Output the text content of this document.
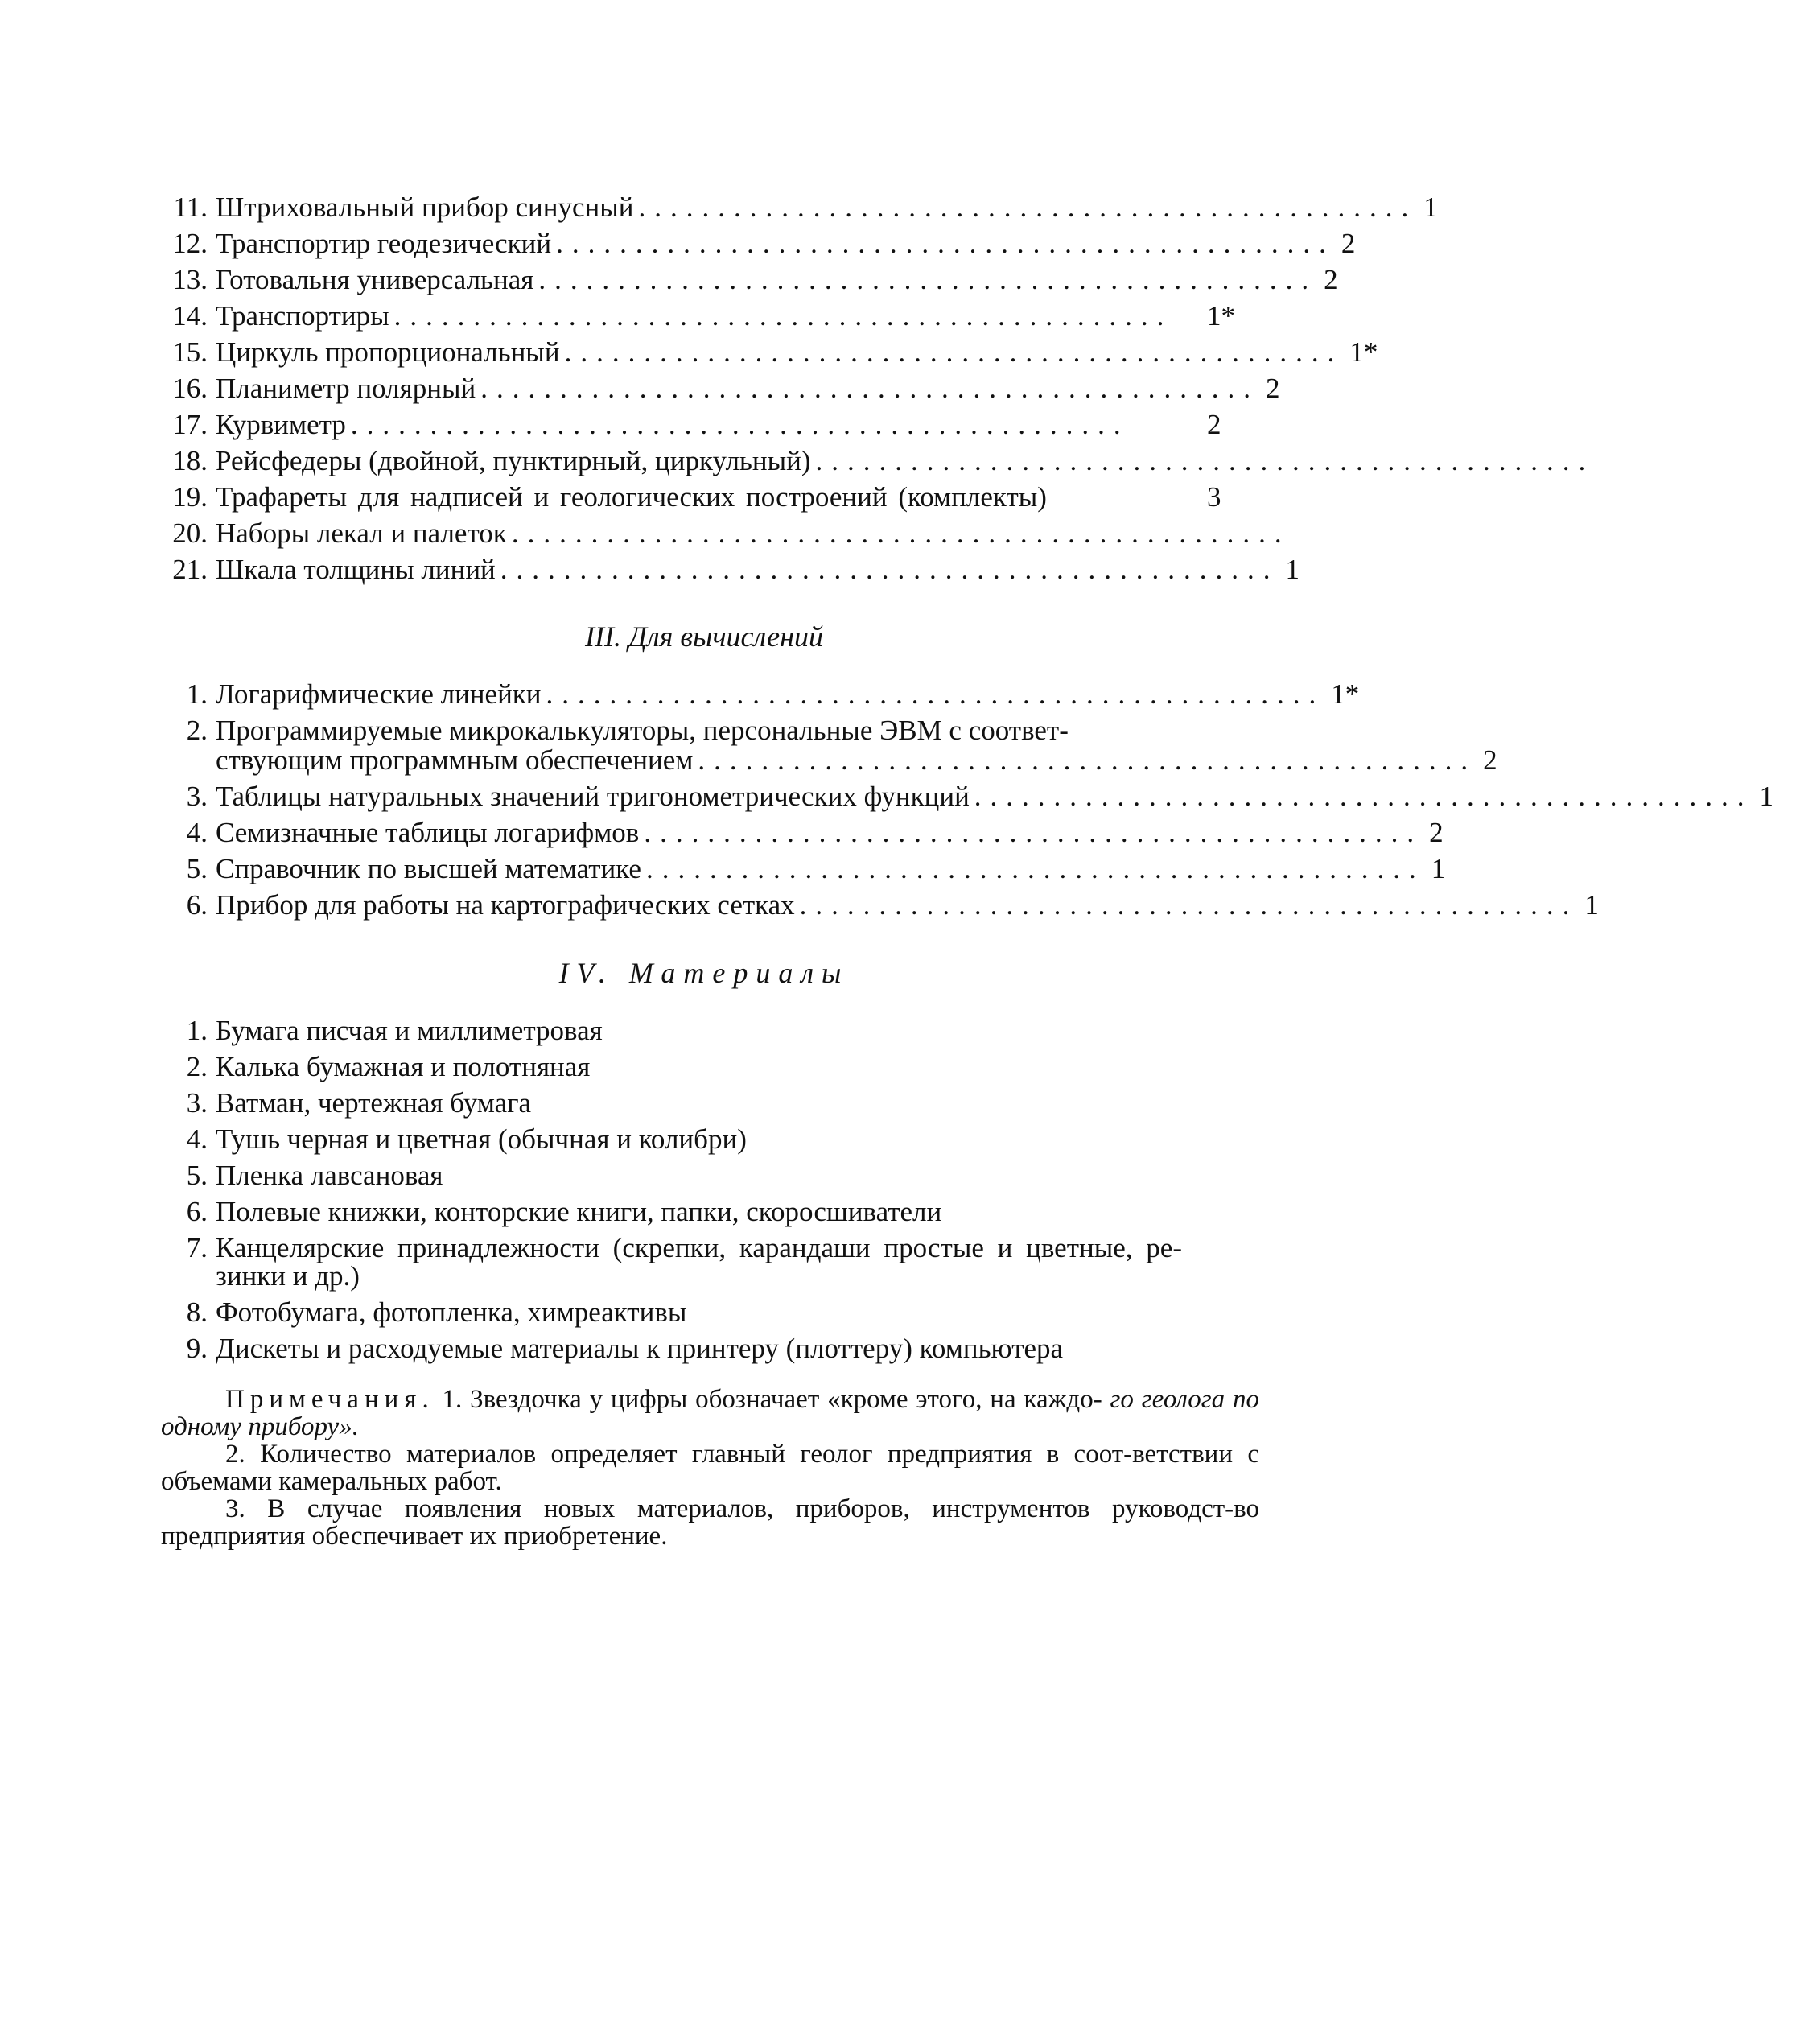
11. Штриховальный прибор синусный ................................................. 1
12. Транспортир геодезический ................................................. 2
13. Готовальня универсальная ................................................. 2
14. Транспортиры .................................................	1*
15. Циркуль пропорциональный ................................................. 1*
16. Планиметр полярный ................................................. 2
17. Курвиметр .................................................	2
18. Рейсфедеры (двойной, пунктирный, циркульный) .................................................
19. Трафареты для надписей и геологических построений (комплекты)	3
20. Наборы лекал и палеток .................................................
21. Шкала толщины линий ................................................. 1
III. Для вычислений
1. Логарифмические линейки ................................................. 1*
2. Программируемые микрокалькуляторы, персональные ЭВМ с соответ-
ствующим программным обеспечением ................................................. 2
3. Таблицы натуральных значений тригонометрических функций ................................................. 1
4. Семизначные таблицы логарифмов ................................................. 2
5. Справочник по высшей математике ................................................. 1
6. Прибор для работы на картографических сетках ................................................. 1
IV. Материалы
1. Бумага писчая и миллиметровая
2. Калька бумажная и полотняная
3. Ватман, чертежная бумага
4. Тушь черная и цветная (обычная и колибри)
5. Пленка лавсановая
6. Полевые книжки, конторские книги, папки, скоросшиватели
7. Канцелярские принадлежности (скрепки, карандаши простые и цветные, ре-
зинки и др.)
8. Фотобумага, фотопленка, химреактивы
9. Дискеты и расходуемые материалы к принтеру (плоттеру) компьютера

Примечания. 1. Звездочка у цифры обозначает «кроме этого, на каждо- го геолога по одному прибору».

2. Количество материалов определяет главный геолог предприятия в соот-ветствии с объемами камеральных работ.

3. В случае появления новых материалов, приборов, инструментов руководст-во предприятия обеспечивает их приобретение.
